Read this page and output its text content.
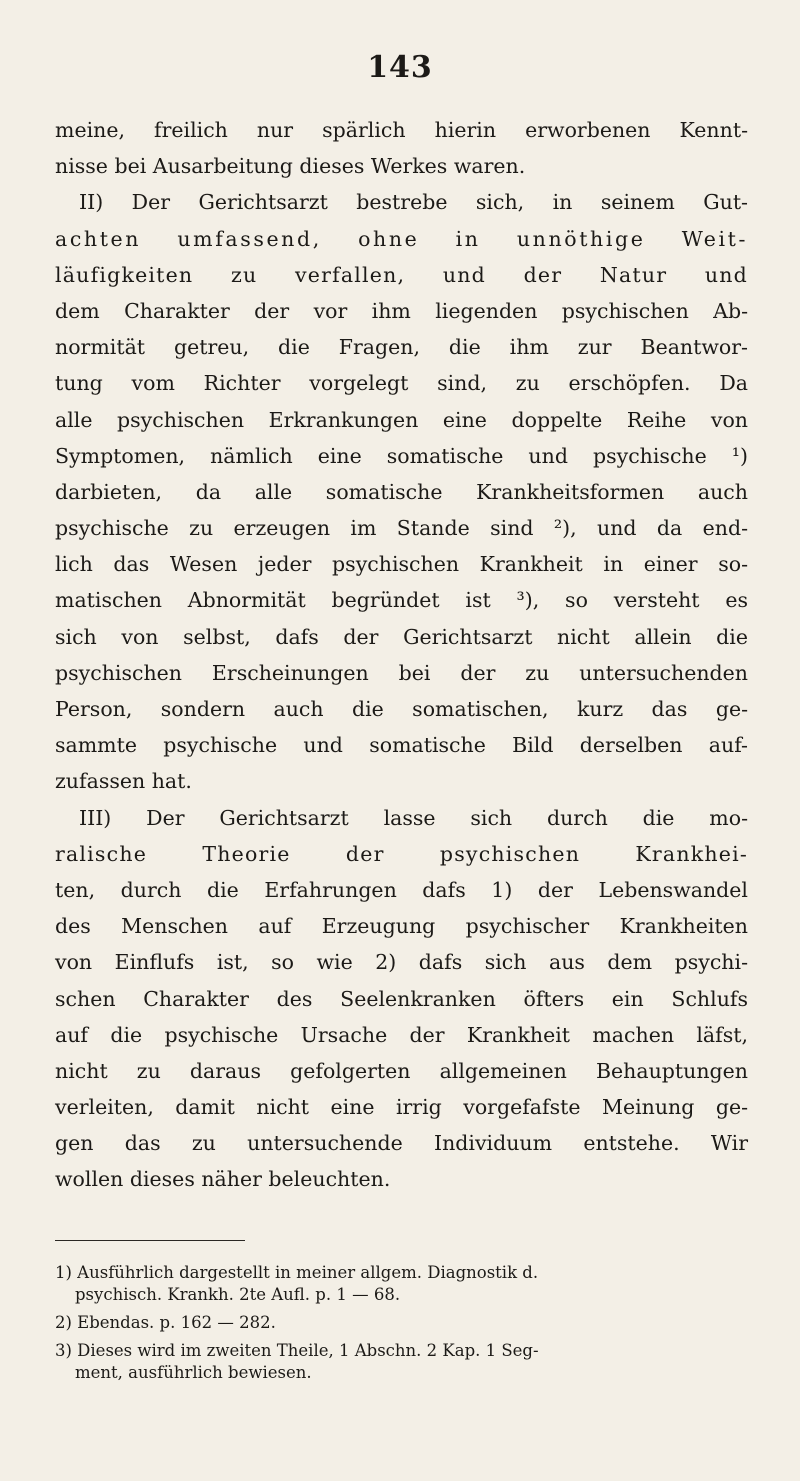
143
meine, freilich nur spärlich hierin erworbenen Kennt-
nisse bei Ausarbeitung dieses Werkes waren.
II) Der Gerichtsarzt bestrebe sich, in seinem Gut-
achten umfassend, ohne in unnöthige Weit-
läufigkeiten zu verfallen, und der Natur und
dem Charakter der vor ihm liegenden psychischen Ab-
normität getreu, die Fragen, die ihm zur Beantwor-
tung vom Richter vorgelegt sind, zu erschöpfen. Da
alle psychischen Erkrankungen eine doppelte Reihe von
Symptomen, nämlich eine somatische und psychische ¹)
darbieten, da alle somatische Krankheitsformen auch
psychische zu erzeugen im Stande sind ²), und da end-
lich das Wesen jeder psychischen Krankheit in einer so-
matischen Abnormität begründet ist ³), so versteht es
sich von selbst, dafs der Gerichtsarzt nicht allein die
psychischen Erscheinungen bei der zu untersuchenden
Person, sondern auch die somatischen, kurz das ge-
sammte psychische und somatische Bild derselben auf-
zufassen hat.
III) Der Gerichtsarzt lasse sich durch die mo-
ralische Theorie der psychischen Krankhei-
ten, durch die Erfahrungen dafs 1) der Lebenswandel
des Menschen auf Erzeugung psychischer Krankheiten
von Einflufs ist, so wie 2) dafs sich aus dem psychi-
schen Charakter des Seelenkranken öfters ein Schlufs
auf die psychische Ursache der Krankheit machen läfst,
nicht zu daraus gefolgerten allgemeinen Behauptungen
verleiten, damit nicht eine irrig vorgefafste Meinung ge-
gen das zu untersuchende Individuum entstehe. Wir
wollen dieses näher beleuchten.
1) Ausführlich dargestellt in meiner allgem. Diagnostik d.
psychisch. Krankh. 2te Aufl. p. 1 — 68.
2) Ebendas. p. 162 — 282.
3) Dieses wird im zweiten Theile, 1 Abschn. 2 Kap. 1 Seg-
ment, ausführlich bewiesen.
